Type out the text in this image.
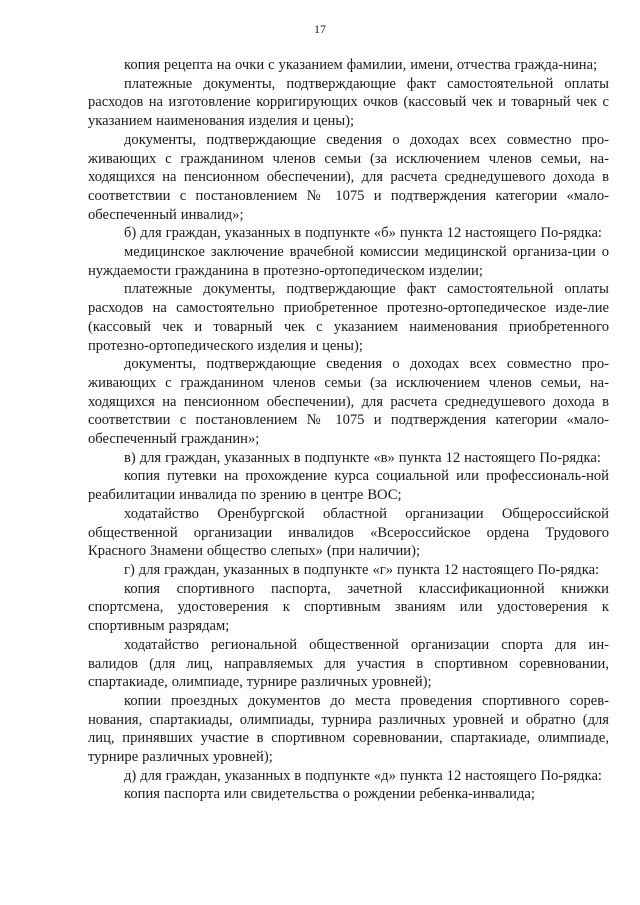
17

копия рецепта на очки с указанием фамилии, имени, отчества гражда-нина;

платежные документы, подтверждающие факт самостоятельной оплаты расходов на изготовление корригирующих очков (кассовый чек и товарный чек с указанием наименования изделия и цены);

документы, подтверждающие сведения о доходах всех совместно про-живающих с гражданином членов семьи (за исключением членов семьи, на-ходящихся на пенсионном обеспечении), для расчета среднедушевого дохода в соответствии с постановлением № 1075 и подтверждения категории «мало-обеспеченный инвалид»;

б) для граждан, указанных в подпункте «б» пункта 12 настоящего По-рядка:

медицинское заключение врачебной комиссии медицинской организа-ции о нуждаемости гражданина в протезно-ортопедическом изделии;

платежные документы, подтверждающие факт самостоятельной оплаты расходов на самостоятельно приобретенное протезно-ортопедическое изде-лие (кассовый чек и товарный чек с указанием наименования приобретенного протезно-ортопедического изделия и цены);

документы, подтверждающие сведения о доходах всех совместно про-живающих с гражданином членов семьи (за исключением членов семьи, на-ходящихся на пенсионном обеспечении), для расчета среднедушевого дохода в соответствии с постановлением № 1075 и подтверждения категории «мало-обеспеченный гражданин»;

в) для граждан, указанных в подпункте «в» пункта 12 настоящего По-рядка:

копия путевки на прохождение курса социальной или профессиональ-ной реабилитации инвалида по зрению в центре ВОС;

ходатайство Оренбургской областной организации Общероссийской общественной организации инвалидов «Всероссийское ордена Трудового Красного Знамени общество слепых» (при наличии);

г) для граждан, указанных в подпункте «г» пункта 12 настоящего По-рядка:

копия спортивного паспорта, зачетной классификационной книжки спортсмена, удостоверения к спортивным званиям или удостоверения к спортивным разрядам;

ходатайство региональной общественной организации спорта для ин-валидов (для лиц, направляемых для участия в спортивном соревновании, спартакиаде, олимпиаде, турнире различных уровней);

копии проездных документов до места проведения спортивного сорев-нования, спартакиады, олимпиады, турнира различных уровней и обратно (для лиц, принявших участие в спортивном соревновании, спартакиаде, олимпиаде, турнире различных уровней);

д) для граждан, указанных в подпункте «д» пункта 12 настоящего По-рядка:

копия паспорта или свидетельства о рождении ребенка-инвалида;
